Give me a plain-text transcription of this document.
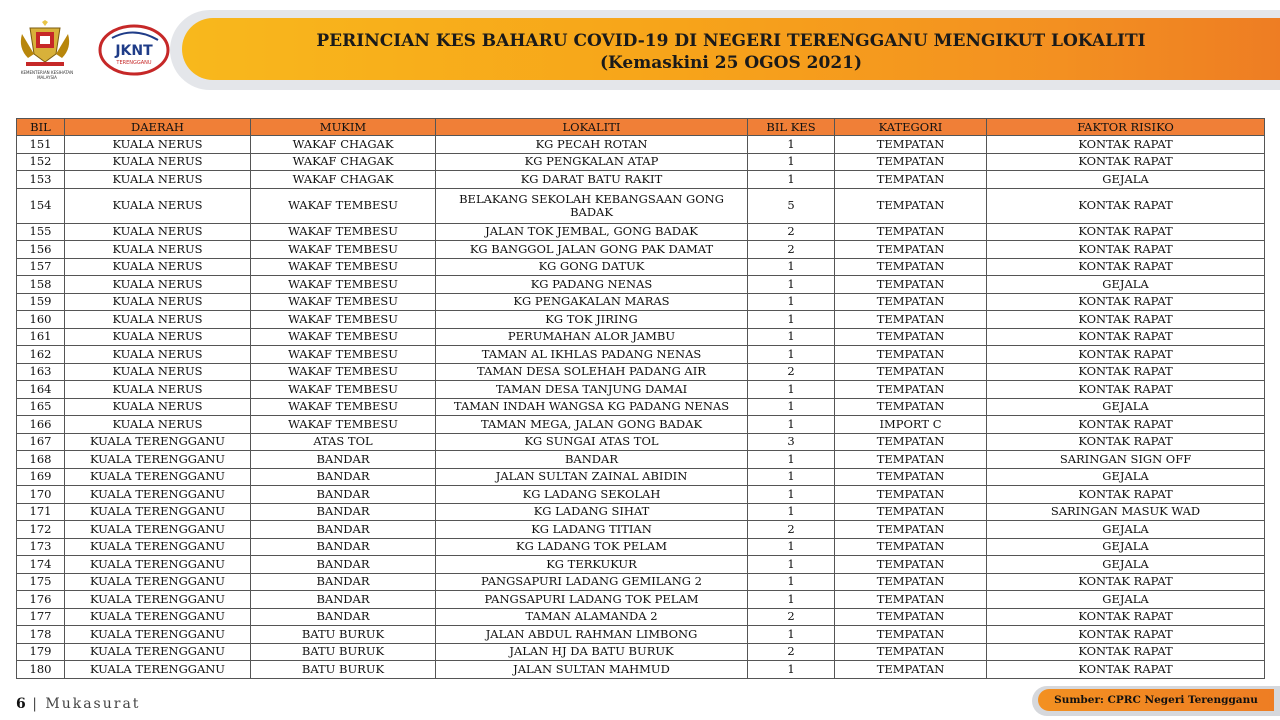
KEMENTERIAN KESIHATAN MALAYSIA
JKNT
TERENGGANU
PERINCIAN KES BAHARU COVID-19 DI NEGERI TERENGGANU MENGIKUT LOKALITI
(Kemaskini 25 OGOS 2021)
BIL	DAERAH	MUKIM	LOKALITI	BIL KES	KATEGORI	FAKTOR RISIKO
151	KUALA NERUS	WAKAF CHAGAK	KG PECAH ROTAN	1	TEMPATAN	KONTAK RAPAT
152	KUALA NERUS	WAKAF CHAGAK	KG PENGKALAN ATAP	1	TEMPATAN	KONTAK RAPAT
153	KUALA NERUS	WAKAF CHAGAK	KG DARAT BATU RAKIT	1	TEMPATAN	GEJALA
154	KUALA NERUS	WAKAF TEMBESU	BELAKANG SEKOLAH KEBANGSAAN GONG BADAK	5	TEMPATAN	KONTAK RAPAT
155	KUALA NERUS	WAKAF TEMBESU	JALAN TOK JEMBAL, GONG BADAK	2	TEMPATAN	KONTAK RAPAT
156	KUALA NERUS	WAKAF TEMBESU	KG BANGGOL JALAN GONG PAK DAMAT	2	TEMPATAN	KONTAK RAPAT
157	KUALA NERUS	WAKAF TEMBESU	KG GONG DATUK	1	TEMPATAN	KONTAK RAPAT
158	KUALA NERUS	WAKAF TEMBESU	KG PADANG NENAS	1	TEMPATAN	GEJALA
159	KUALA NERUS	WAKAF TEMBESU	KG PENGAKALAN MARAS	1	TEMPATAN	KONTAK RAPAT
160	KUALA NERUS	WAKAF TEMBESU	KG TOK JIRING	1	TEMPATAN	KONTAK RAPAT
161	KUALA NERUS	WAKAF TEMBESU	PERUMAHAN ALOR JAMBU	1	TEMPATAN	KONTAK RAPAT
162	KUALA NERUS	WAKAF TEMBESU	TAMAN AL IKHLAS PADANG NENAS	1	TEMPATAN	KONTAK RAPAT
163	KUALA NERUS	WAKAF TEMBESU	TAMAN DESA SOLEHAH PADANG AIR	2	TEMPATAN	KONTAK RAPAT
164	KUALA NERUS	WAKAF TEMBESU	TAMAN DESA TANJUNG DAMAI	1	TEMPATAN	KONTAK RAPAT
165	KUALA NERUS	WAKAF TEMBESU	TAMAN INDAH WANGSA KG PADANG NENAS	1	TEMPATAN	GEJALA
166	KUALA NERUS	WAKAF TEMBESU	TAMAN MEGA, JALAN GONG BADAK	1	IMPORT C	KONTAK RAPAT
167	KUALA TERENGGANU	ATAS TOL	KG SUNGAI ATAS TOL	3	TEMPATAN	KONTAK RAPAT
168	KUALA TERENGGANU	BANDAR	BANDAR	1	TEMPATAN	SARINGAN SIGN OFF
169	KUALA TERENGGANU	BANDAR	JALAN SULTAN ZAINAL ABIDIN	1	TEMPATAN	GEJALA
170	KUALA TERENGGANU	BANDAR	KG LADANG SEKOLAH	1	TEMPATAN	KONTAK RAPAT
171	KUALA TERENGGANU	BANDAR	KG LADANG SIHAT	1	TEMPATAN	SARINGAN MASUK WAD
172	KUALA TERENGGANU	BANDAR	KG LADANG TITIAN	2	TEMPATAN	GEJALA
173	KUALA TERENGGANU	BANDAR	KG LADANG TOK PELAM	1	TEMPATAN	GEJALA
174	KUALA TERENGGANU	BANDAR	KG TERKUKUR	1	TEMPATAN	GEJALA
175	KUALA TERENGGANU	BANDAR	PANGSAPURI LADANG GEMILANG 2	1	TEMPATAN	KONTAK RAPAT
176	KUALA TERENGGANU	BANDAR	PANGSAPURI LADANG TOK PELAM	1	TEMPATAN	GEJALA
177	KUALA TERENGGANU	BANDAR	TAMAN ALAMANDA 2	2	TEMPATAN	KONTAK RAPAT
178	KUALA TERENGGANU	BATU BURUK	JALAN ABDUL RAHMAN LIMBONG	1	TEMPATAN	KONTAK RAPAT
179	KUALA TERENGGANU	BATU BURUK	JALAN HJ DA BATU BURUK	2	TEMPATAN	KONTAK RAPAT
180	KUALA TERENGGANU	BATU BURUK	JALAN SULTAN MAHMUD	1	TEMPATAN	KONTAK RAPAT
6 | Mukasurat	Sumber: CPRC Negeri Terengganu
